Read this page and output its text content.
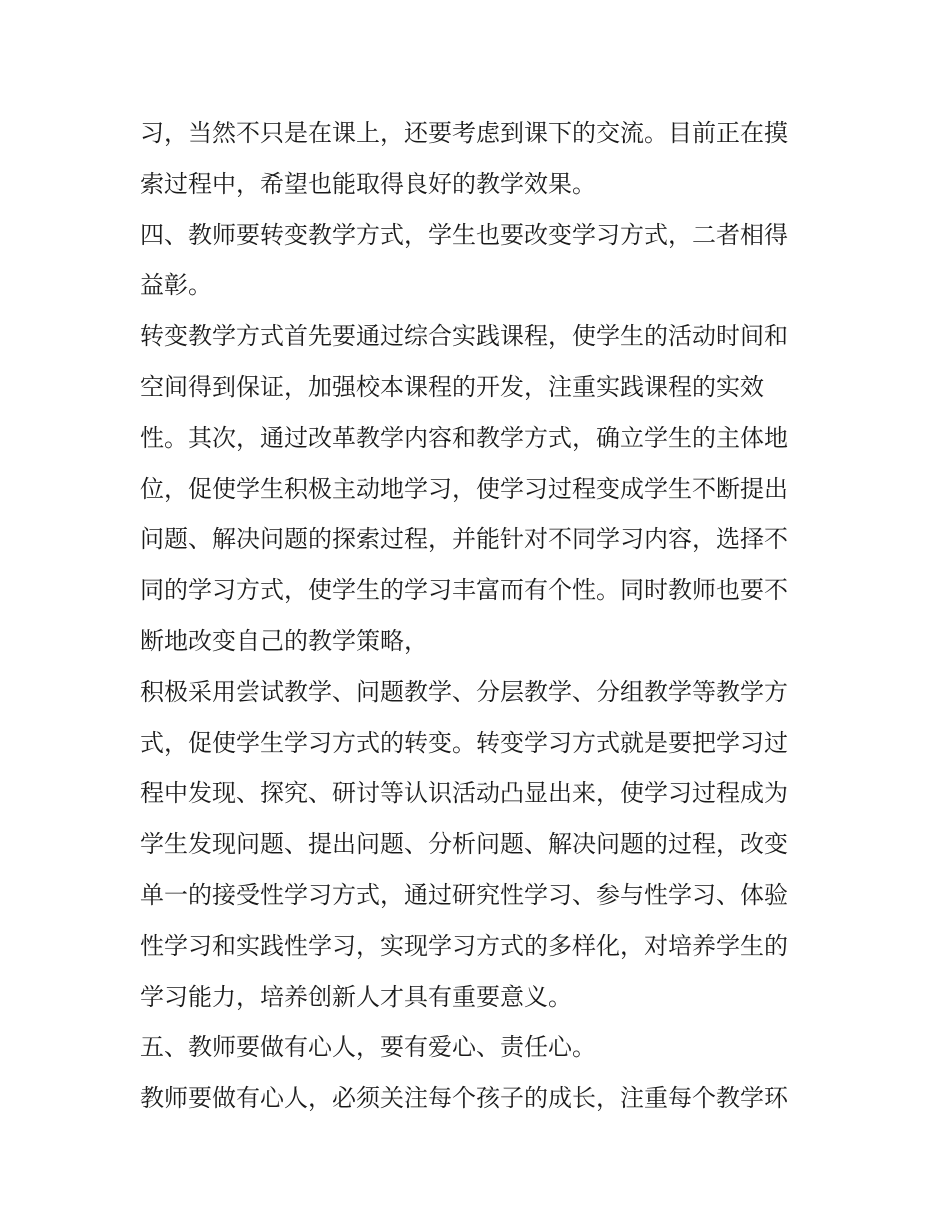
习，当然不只是在课上，还要考虑到课下的交流。目前正在摸
索过程中，希望也能取得良好的教学效果。
四、教师要转变教学方式，学生也要改变学习方式，二者相得
益彰。
转变教学方式首先要通过综合实践课程，使学生的活动时间和
空间得到保证，加强校本课程的开发，注重实践课程的实效
性。其次，通过改革教学内容和教学方式，确立学生的主体地
位，促使学生积极主动地学习，使学习过程变成学生不断提出
问题、解决问题的探索过程，并能针对不同学习内容，选择不
同的学习方式，使学生的学习丰富而有个性。同时教师也要不
断地改变自己的教学策略，
积极采用尝试教学、问题教学、分层教学、分组教学等教学方
式，促使学生学习方式的转变。转变学习方式就是要把学习过
程中发现、探究、研讨等认识活动凸显出来，使学习过程成为
学生发现问题、提出问题、分析问题、解决问题的过程，改变
单一的接受性学习方式，通过研究性学习、参与性学习、体验
性学习和实践性学习，实现学习方式的多样化，对培养学生的
学习能力，培养创新人才具有重要意义。
五、教师要做有心人，要有爱心、责任心。
教师要做有心人，必须关注每个孩子的成长，注重每个教学环
